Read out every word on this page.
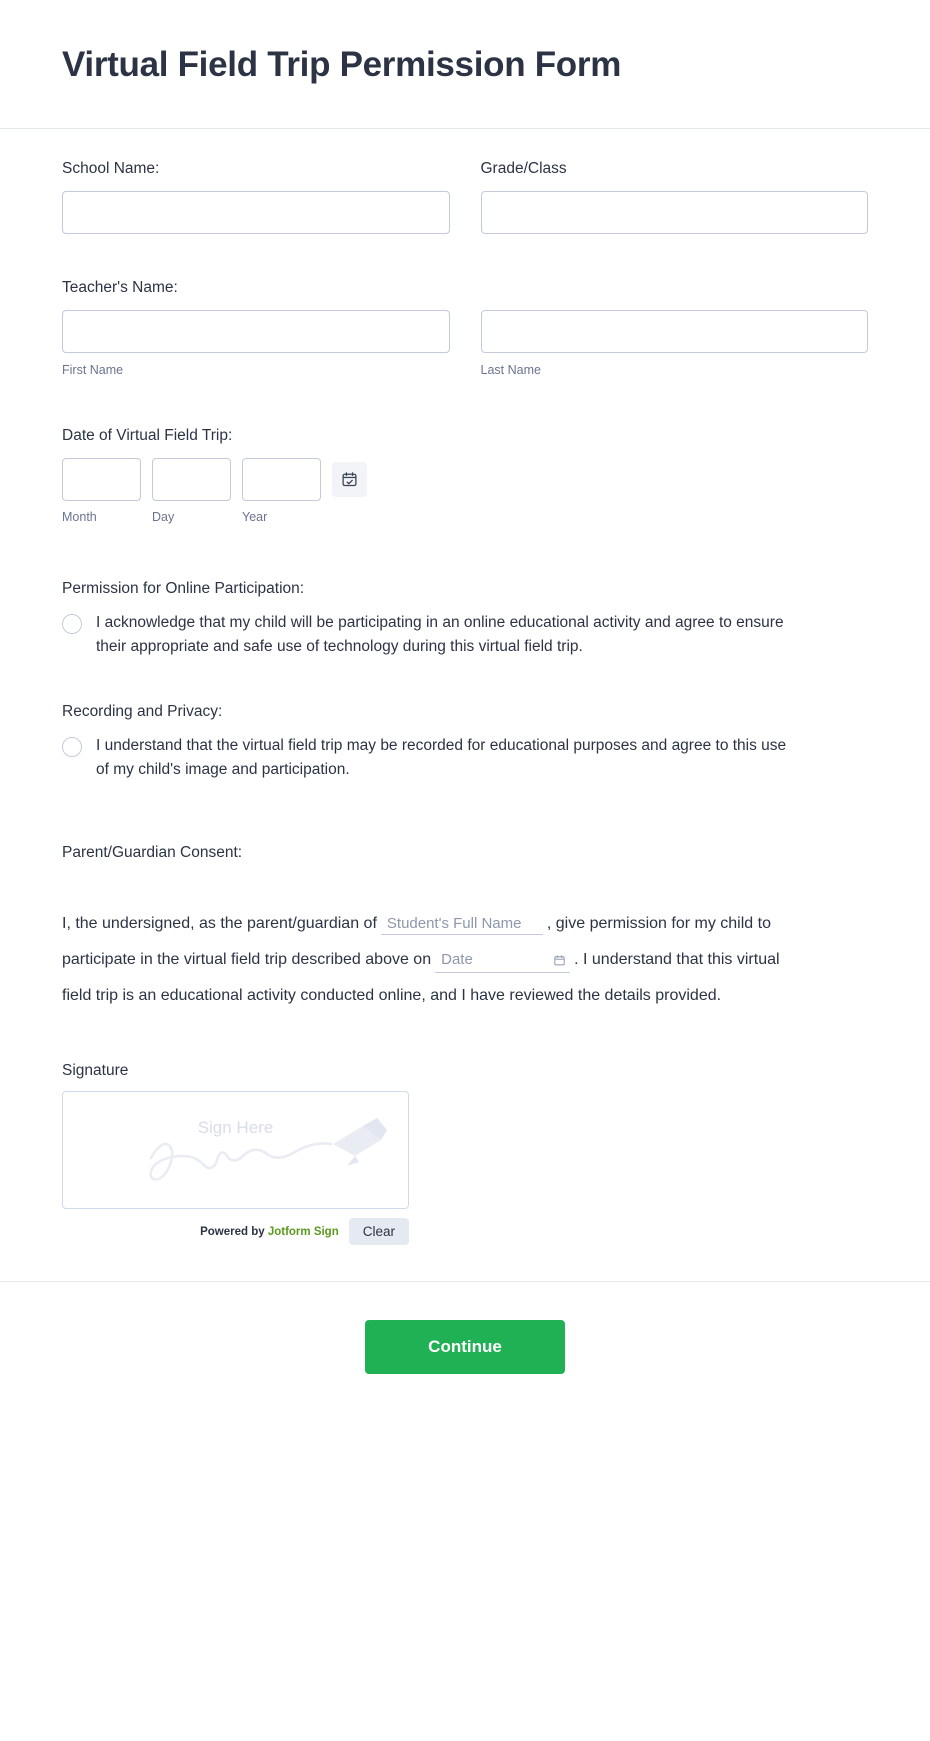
Virtual Field Trip Permission Form
School Name:	Grade/Class
Teacher's Name:
First Name	Last Name
Date of Virtual Field Trip:
Month	Day	Year
Permission for Online Participation:
I acknowledge that my child will be participating in an online educational activity and agree to ensure their appropriate and safe use of technology during this virtual field trip.
Recording and Privacy:
I understand that the virtual field trip may be recorded for educational purposes and agree to this use of my child's image and participation.
Parent/Guardian Consent:
I, the undersigned, as the parent/guardian ofStudent's Full Name	, give permission for my child to participate in the virtual field trip described above on
Date	. I understand that this virtual field trip is an educational activity conducted online, and I have reviewed the details provided.
Signature
Sign Here
Powered by Jotform Sign	Clear
Continue
